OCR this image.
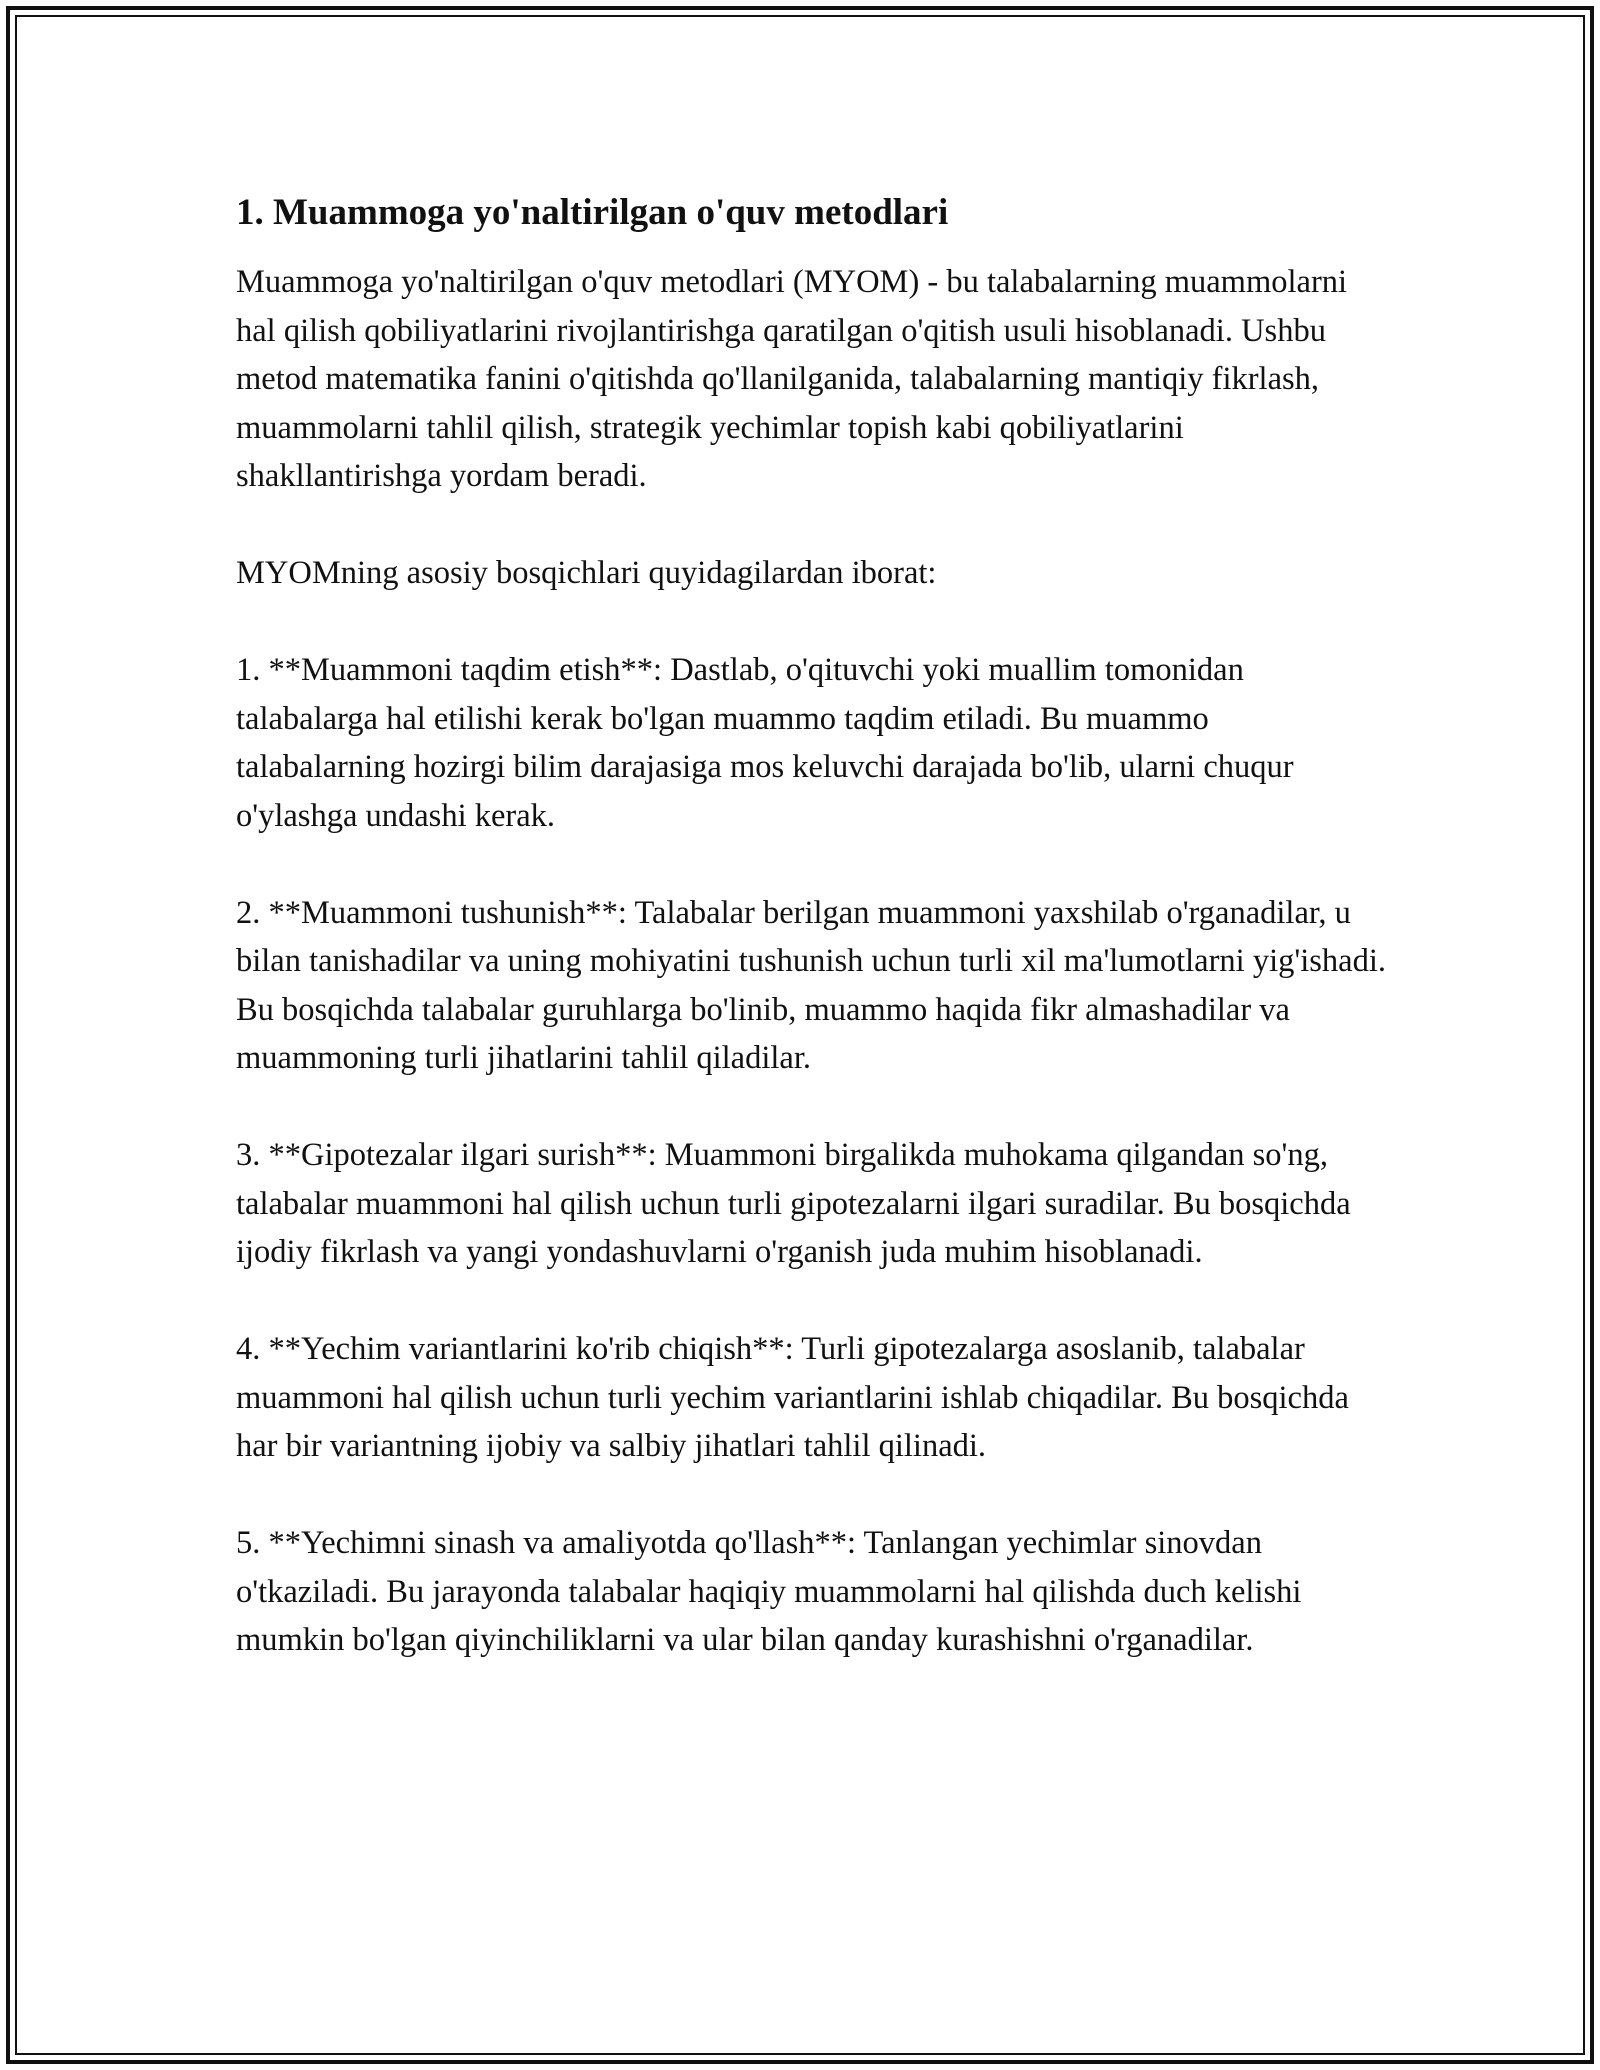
1. Muammoga yo'naltirilgan o'quv metodlari

Muammoga yo'naltirilgan o'quv metodlari (MYOM) - bu talabalarning muammolarni hal qilish qobiliyatlarini rivojlantirishga qaratilgan o'qitish usuli hisoblanadi. Ushbu metod matematika fanini o'qitishda qo'llanilganida, talabalarning mantiqiy fikrlash, muammolarni tahlil qilish, strategik yechimlar topish kabi qobiliyatlarini shakllantirishga yordam beradi.

MYOMning asosiy bosqichlari quyidagilardan iborat:

1. **Muammoni taqdim etish**: Dastlab, o'qituvchi yoki muallim tomonidan talabalarga hal etilishi kerak bo'lgan muammo taqdim etiladi. Bu muammo talabalarning hozirgi bilim darajasiga mos keluvchi darajada bo'lib, ularni chuqur o'ylashga undashi kerak.

2. **Muammoni tushunish**: Talabalar berilgan muammoni yaxshilab o'rganadilar, u bilan tanishadilar va uning mohiyatini tushunish uchun turli xil ma'lumotlarni yig'ishadi. Bu bosqichda talabalar guruhlarga bo'linib, muammo haqida fikr almashadilar va muammoning turli jihatlarini tahlil qiladilar.

3. **Gipotezalar ilgari surish**: Muammoni birgalikda muhokama qilgandan so'ng, talabalar muammoni hal qilish uchun turli gipotezalarni ilgari suradilar. Bu bosqichda ijodiy fikrlash va yangi yondashuvlarni o'rganish juda muhim hisoblanadi.

4. **Yechim variantlarini ko'rib chiqish**: Turli gipotezalarga asoslanib, talabalar muammoni hal qilish uchun turli yechim variantlarini ishlab chiqadilar. Bu bosqichda har bir variantning ijobiy va salbiy jihatlari tahlil qilinadi.

5. **Yechimni sinash va amaliyotda qo'llash**: Tanlangan yechimlar sinovdan o'tkaziladi. Bu jarayonda talabalar haqiqiy muammolarni hal qilishda duch kelishi mumkin bo'lgan qiyinchiliklarni va ular bilan qanday kurashishni o'rganadilar.
